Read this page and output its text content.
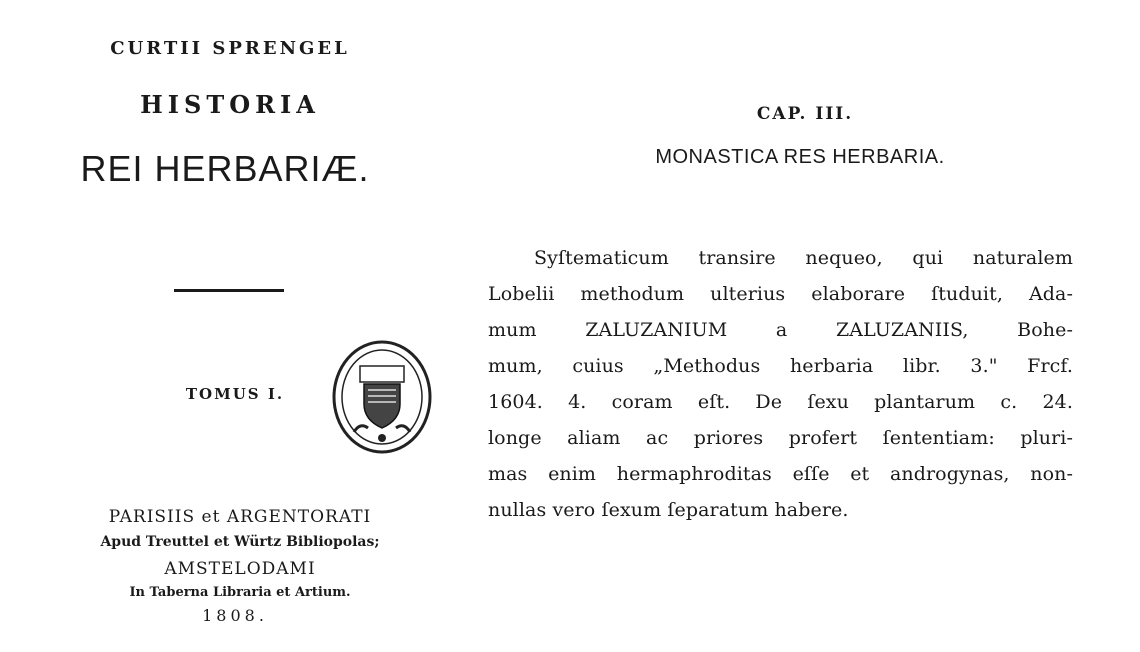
CURTII SPRENGEL
HISTORIA
REI HERBARIÆ.
TOMUS I.
PARISIIS et ARGENTORATI
Apud Treuttel et Würtz Bibliopolas;
AMSTELODAMI
In Taberna Libraria et Artium.
1808.
CAP. III.
MONASTICA RES HERBARIA.
Syſtematicum transire nequeo, qui naturalem
Lobelii methodum ulterius elaborare ſtuduit, Ada-
mum ZALUZANIUM a ZALUZANIIS, Bohe-
mum, cuius „Methodus herbaria libr. 3." Frcf.
1604. 4. coram eſt. De ſexu plantarum c. 24.
longe aliam ac priores profert ſententiam: pluri-
mas enim hermaphroditas eſſe et androgynas, non-
nullas vero ſexum ſeparatum habere.
